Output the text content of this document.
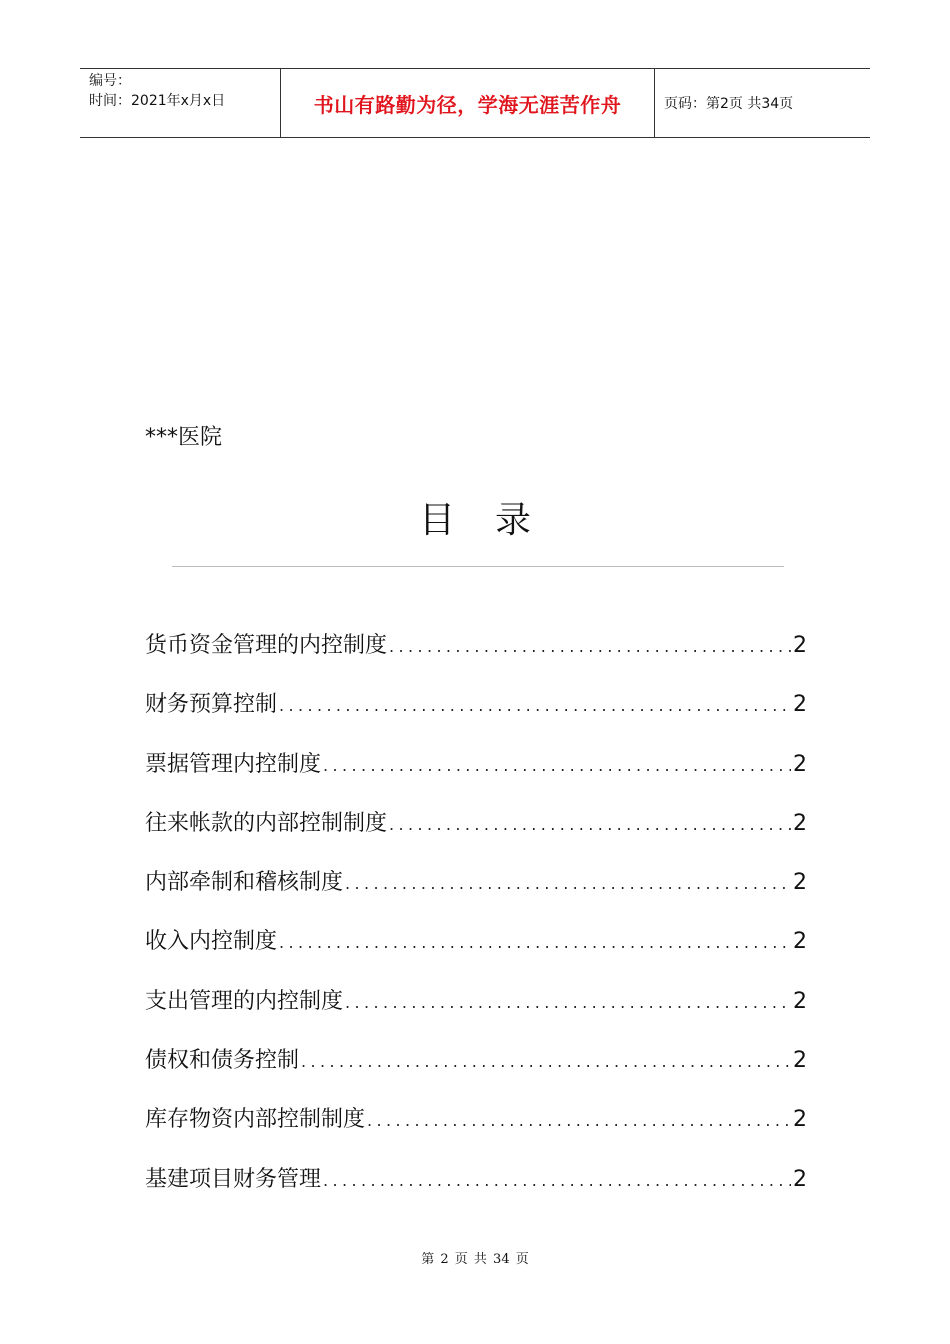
编号：
时间：2021年x月x日	书山有路勤为径，学海无涯苦作舟	页码：第2页 共34页
***医院
目录
货币资金管理的内控制度 .....	2
财务预算控制 .....	2
票据管理内控制度 .....	2
往来帐款的内部控制制度 .....	2
内部牵制和稽核制度 .....	2
收入内控制度 .....	2
支出管理的内控制度 .....	2
债权和债务控制 .....	2
库存物资内部控制制度 .....	2
基建项目财务管理 .....	2
第 2 页 共 34 页
